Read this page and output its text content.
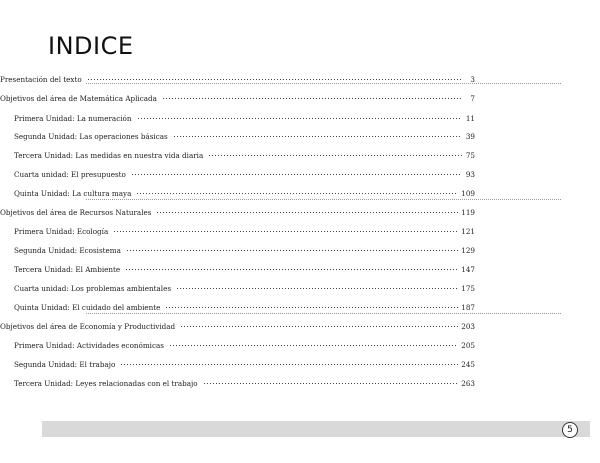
INDICE
Presentación del texto	3
Objetivos del área de Matemática Aplicada	7
Primera Unidad: La numeración	11
Segunda Unidad: Las operaciones básicas	39
Tercera Unidad: Las medidas en nuestra vida diaria	75
Cuarta unidad: El presupuesto	93
Quinta Unidad: La cultura maya	109
Objetivos del área de Recursos Naturales	119
Primera Unidad: Ecología	121
Segunda Unidad: Ecosistema	129
Tercera Unidad: El Ambiente	147
Cuarta unidad: Los problemas ambientales	175
Quinta Unidad: El cuidado del ambiente	187
Objetivos del área de Economía y Productividad	203
Primera Unidad: Actividades económicas	205
Segunda Unidad: El trabajo	245
Tercera Unidad: Leyes relacionadas con el trabajo	263
5
